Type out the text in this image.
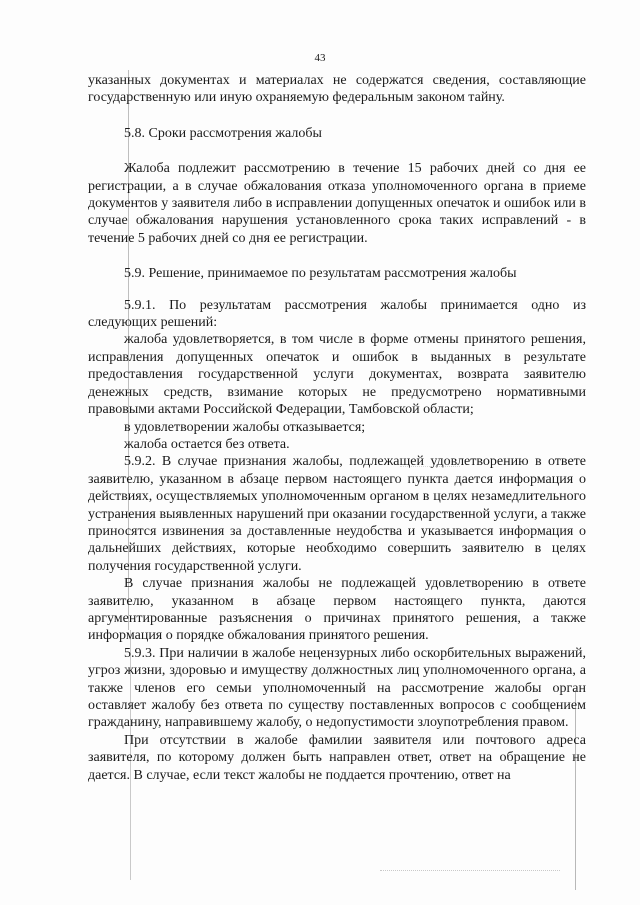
43

указанных документах и материалах не содержатся сведения, составляющие государственную или иную охраняемую федеральным законом тайну.

5.8. Сроки рассмотрения жалобы

Жалоба подлежит рассмотрению в течение 15 рабочих дней со дня ее регистрации, а в случае обжалования отказа уполномоченного органа в приеме документов у заявителя либо в исправлении допущенных опечаток и ошибок или в случае обжалования нарушения установленного срока таких исправлений - в течение 5 рабочих дней со дня ее регистрации.

5.9. Решение, принимаемое по результатам рассмотрения жалобы

5.9.1. По результатам рассмотрения жалобы принимается одно из следующих решений:

жалоба удовлетворяется, в том числе в форме отмены принятого решения, исправления допущенных опечаток и ошибок в выданных в результате предоставления государственной услуги документах, возврата заявителю денежных средств, взимание которых не предусмотрено нормативными правовыми актами Российской Федерации, Тамбовской области;

в удовлетворении жалобы отказывается;

жалоба остается без ответа.

5.9.2. В случае признания жалобы, подлежащей удовлетворению в ответе заявителю, указанном в абзаце первом настоящего пункта дается информация о действиях, осуществляемых уполномоченным органом в целях незамедлительного устранения выявленных нарушений при оказании государственной услуги, а также приносятся извинения за доставленные неудобства и указывается информация о дальнейших действиях, которые необходимо совершить заявителю в целях получения государственной услуги.

В случае признания жалобы не подлежащей удовлетворению в ответе заявителю, указанном в абзаце первом настоящего пункта, даются аргументированные разъяснения о причинах принятого решения, а также информация о порядке обжалования принятого решения.

5.9.3. При наличии в жалобе нецензурных либо оскорбительных выражений, угроз жизни, здоровью и имуществу должностных лиц уполномоченного органа, а также членов его семьи уполномоченный на рассмотрение жалобы орган оставляет жалобу без ответа по существу поставленных вопросов с сообщением гражданину, направившему жалобу, о недопустимости злоупотребления правом.

При отсутствии в жалобе фамилии заявителя или почтового адреса заявителя, по которому должен быть направлен ответ, ответ на обращение не дается. В случае, если текст жалобы не поддается прочтению, ответ на
